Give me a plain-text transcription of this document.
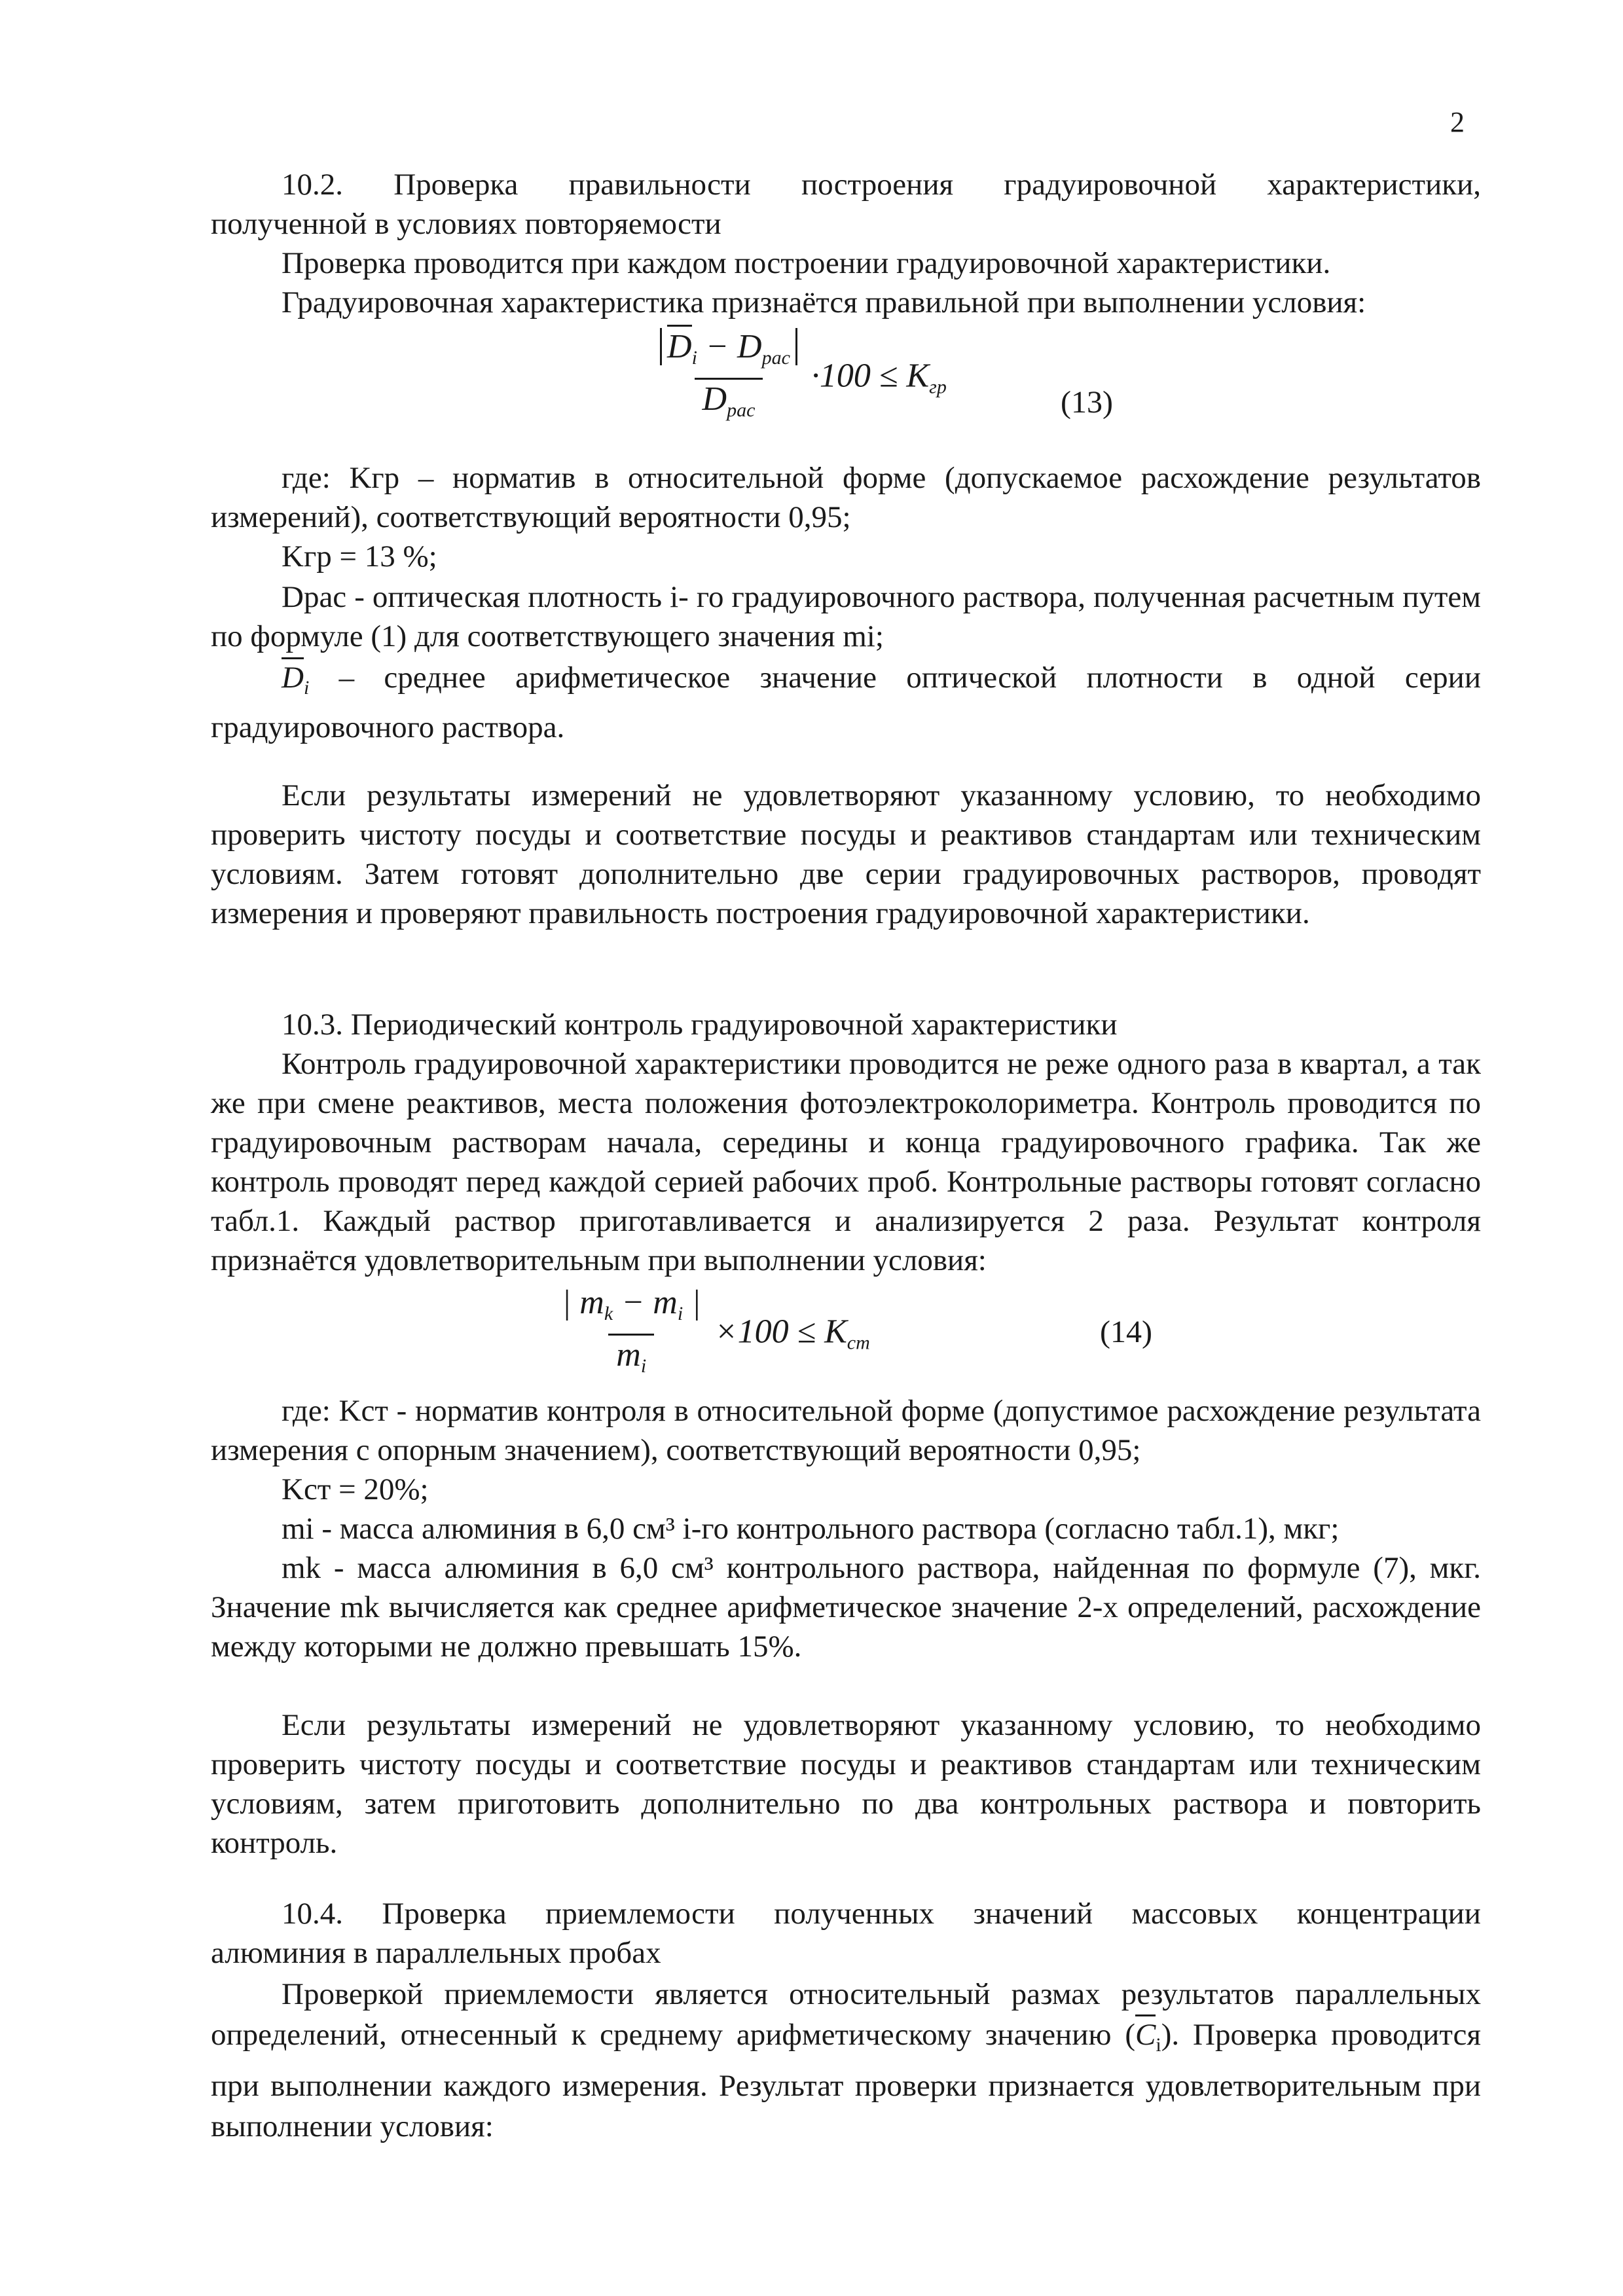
2
10.2. Проверка правильности построения градуировочной характеристики,
полученной в условиях повторяемости
Проверка проводится при каждом построении градуировочной характеристики.
Градуировочная характеристика признаётся правильной при выполнении условия:
$\frac{D_i - D_{рас}}{D_{рас}} \cdot 100 \le K_{гр}$	(13)

где: Kгр – норматив в относительной форме (допускаемое расхождение результатов измерений), соответствующий вероятности 0,95;

Kгр = 13 %;

Dрас - оптическая плотность i- го градуировочного раствора, полученная расчетным путем по формуле (1) для соответствующего значения mi;

$D_i$ – среднее арифметическое значение оптической плотности в одной серии градуировочного раствора.

Если результаты измерений не удовлетворяют указанному условию, то необходимо проверить чистоту посуды и соответствие посуды и реактивов стандартам или техническим условиям. Затем готовят дополнительно две серии градуировочных растворов, проводят измерения и проверяют правильность построения градуировочной характеристики.

10.3. Периодический контроль градуировочной характеристики

Контроль градуировочной характеристики проводится не реже одного раза в квартал, а так же при смене реактивов, места положения фотоэлектроколориметра. Контроль проводится по градуировочным растворам начала, середины и конца градуировочного графика. Так же контроль проводят перед каждой серией рабочих проб. Контрольные растворы готовят согласно табл.1. Каждый раствор приготавливается и анализируется 2 раза. Результат контроля признаётся удовлетворительным при выполнении условия:

$\frac{| m_k - m_i |}{m_i} \times 100 \le K_{ст}$	(14)

где: Kст - норматив контроля в относительной форме (допустимое расхождение результата измерения с опорным значением), соответствующий вероятности 0,95;

Kст = 20%;

mi - масса алюминия в 6,0 см³ i-го контрольного раствора (согласно табл.1), мкг;

mk - масса алюминия в 6,0 см³ контрольного раствора, найденная по формуле (7), мкг. Значение mk вычисляется как среднее арифметическое значение 2-х определений, расхождение между которыми не должно превышать 15%.

Если результаты измерений не удовлетворяют указанному условию, то необходимо проверить чистоту посуды и соответствие посуды и реактивов стандартам или техническим условиям, затем приготовить дополнительно по два контрольных раствора и повторить контроль.

10.4. Проверка приемлемости полученных значений массовых концентрации
алюминия в параллельных пробах

Проверкой приемлемости является относительный размах результатов параллельных определений, отнесенный к среднему арифметическому значению $(C_i)$. Проверка проводится при выполнении каждого измерения. Результат проверки признается удовлетворительным при выполнении условия:
